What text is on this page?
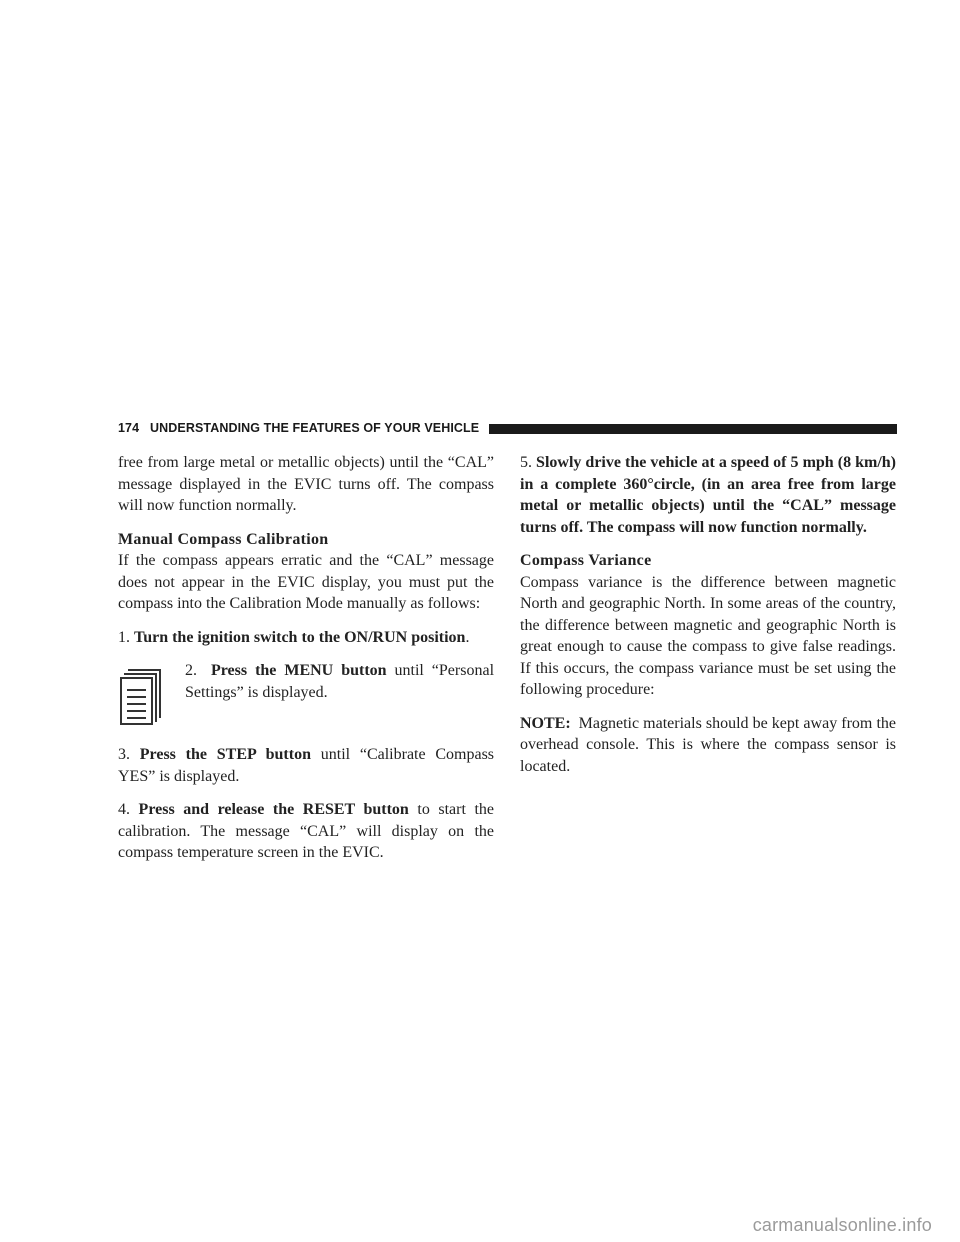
174 UNDERSTANDING THE FEATURES OF YOUR VEHICLE

free from large metal or metallic objects) until the “CAL” message displayed in the EVIC turns off. The compass will now function normally.

Manual Compass Calibration

If the compass appears erratic and the “CAL” message does not appear in the EVIC display, you must put the compass into the Calibration Mode manually as follows:

1. Turn the ignition switch to the ON/RUN position.

2. Press the MENU button until “Personal Settings” is displayed.

3. Press the STEP button until “Calibrate Compass YES” is displayed.

4. Press and release the RESET button to start the calibration. The message “CAL” will display on the compass temperature screen in the EVIC.

5. Slowly drive the vehicle at a speed of 5 mph (8 km/h) in a complete 360°circle, (in an area free from large metal or metallic objects) until the “CAL” message turns off. The compass will now function normally.

Compass Variance

Compass variance is the difference between magnetic North and geographic North. In some areas of the country, the difference between magnetic and geographic North is great enough to cause the compass to give false readings. If this occurs, the compass variance must be set using the following procedure:

NOTE: Magnetic materials should be kept away from the overhead console. This is where the compass sensor is located.

carmanualsonline.info
